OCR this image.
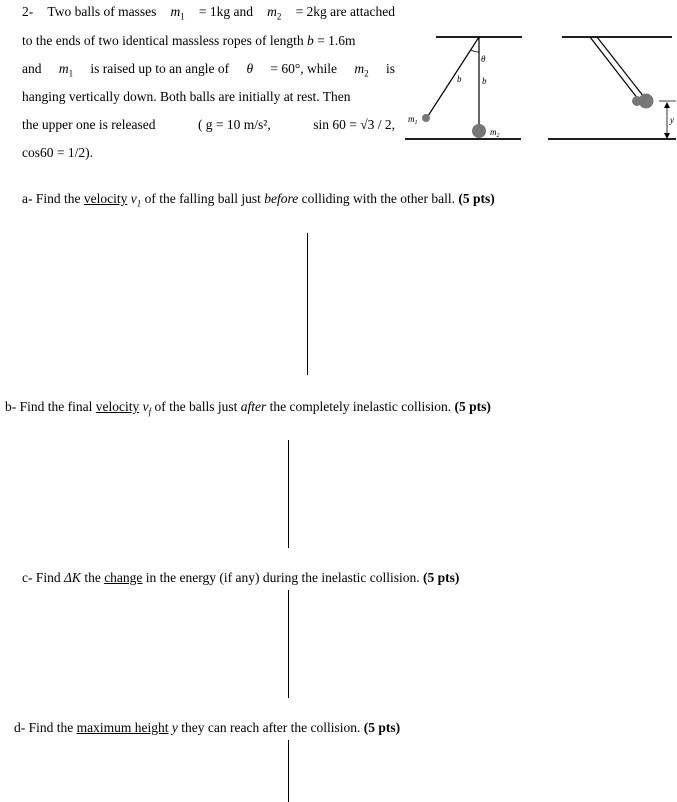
2- Two balls of masses $m_1 = 1kg$ and $m_2 = 2kg$ are attached
to the ends of two identical massless ropes of length b = 1.6m
and $m_1$ is raised up to an angle of θ = 60°, while $m_2$ is
hanging vertically down. Both balls are initially at rest. Then
the upper one is released	( g = 10 m/s²,	sin 60 = √3 / 2,
cos60 = 1/2).
θ
b b
$m_1$
$m_2$
y
a- Find the velocity $v_1$ of the falling ball just before colliding with the other ball. (5 pts)
b- Find the final velocity $v_f$ of the balls just after the completely inelastic collision. (5 pts)
c- Find ΔK the change in the energy (if any) during the inelastic collision. (5 pts)
d- Find the maximum height y they can reach after the collision. (5 pts)
